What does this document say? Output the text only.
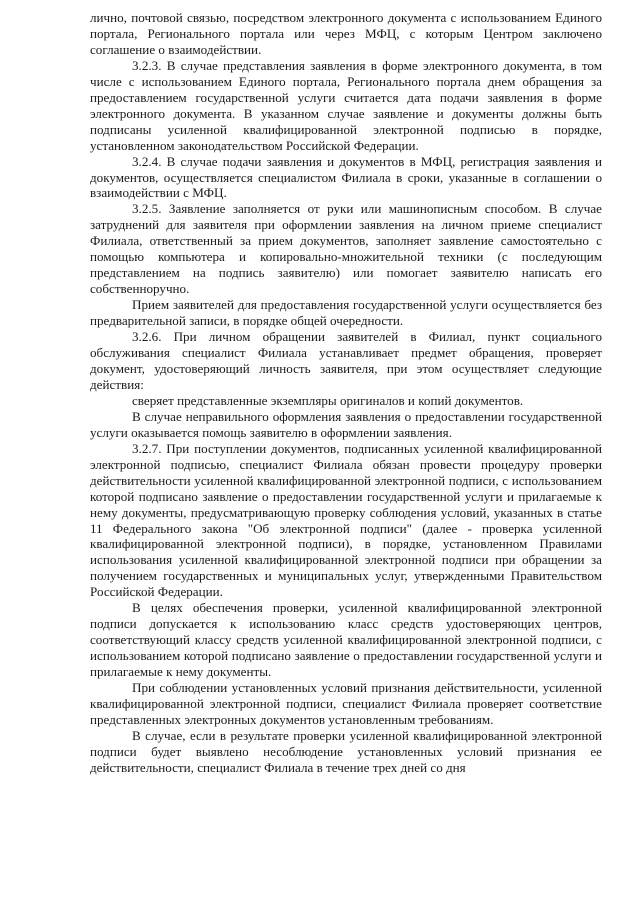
лично, почтовой связью, посредством электронного документа с использованием Единого портала, Регионального портала или через МФЦ, с которым Центром заключено соглашение о взаимодействии.

3.2.3. В случае представления заявления в форме электронного документа, в том числе с использованием Единого портала, Регионального портала днем обращения за предоставлением государственной услуги считается дата подачи заявления в форме электронного документа. В указанном случае заявление и документы должны быть подписаны усиленной квалифицированной электронной подписью в порядке, установленном законодательством Российской Федерации.

3.2.4. В случае подачи заявления и документов в МФЦ, регистрация заявления и документов, осуществляется специалистом Филиала в сроки, указанные в соглашении о взаимодействии с МФЦ.

3.2.5. Заявление заполняется от руки или машинописным способом. В случае затруднений для заявителя при оформлении заявления на личном приеме специалист Филиала, ответственный за прием документов, заполняет заявление самостоятельно с помощью компьютера и копировально-множительной техники (с последующим представлением на подпись заявителю) или помогает заявителю написать его собственноручно.

Прием заявителей для предоставления государственной услуги осуществляется без предварительной записи, в порядке общей очередности.

3.2.6. При личном обращении заявителей в Филиал, пункт социального обслуживания специалист Филиала устанавливает предмет обращения, проверяет документ, удостоверяющий личность заявителя, при этом осуществляет следующие действия:

сверяет представленные экземпляры оригиналов и копий документов.

В случае неправильного оформления заявления о предоставлении государственной услуги оказывается помощь заявителю в оформлении заявления.

3.2.7. При поступлении документов, подписанных усиленной квалифицированной электронной подписью, специалист Филиала обязан провести процедуру проверки действительности усиленной квалифицированной электронной подписи, с использованием которой подписано заявление о предоставлении государственной услуги и прилагаемые к нему документы, предусматривающую проверку соблюдения условий, указанных в статье 11 Федерального закона "Об электронной подписи" (далее - проверка усиленной квалифицированной электронной подписи), в порядке, установленном Правилами использования усиленной квалифицированной электронной подписи при обращении за получением государственных и муниципальных услуг, утвержденными Правительством Российской Федерации.

В целях обеспечения проверки, усиленной квалифицированной электронной подписи допускается к использованию класс средств удостоверяющих центров, соответствующий классу средств усиленной квалифицированной электронной подписи, с использованием которой подписано заявление о предоставлении государственной услуги и прилагаемые к нему документы.

При соблюдении установленных условий признания действительности, усиленной квалифицированной электронной подписи, специалист Филиала проверяет соответствие представленных электронных документов установленным требованиям.

В случае, если в результате проверки усиленной квалифицированной электронной подписи будет выявлено несоблюдение установленных условий признания ее действительности, специалист Филиала в течение трех дней со дня
